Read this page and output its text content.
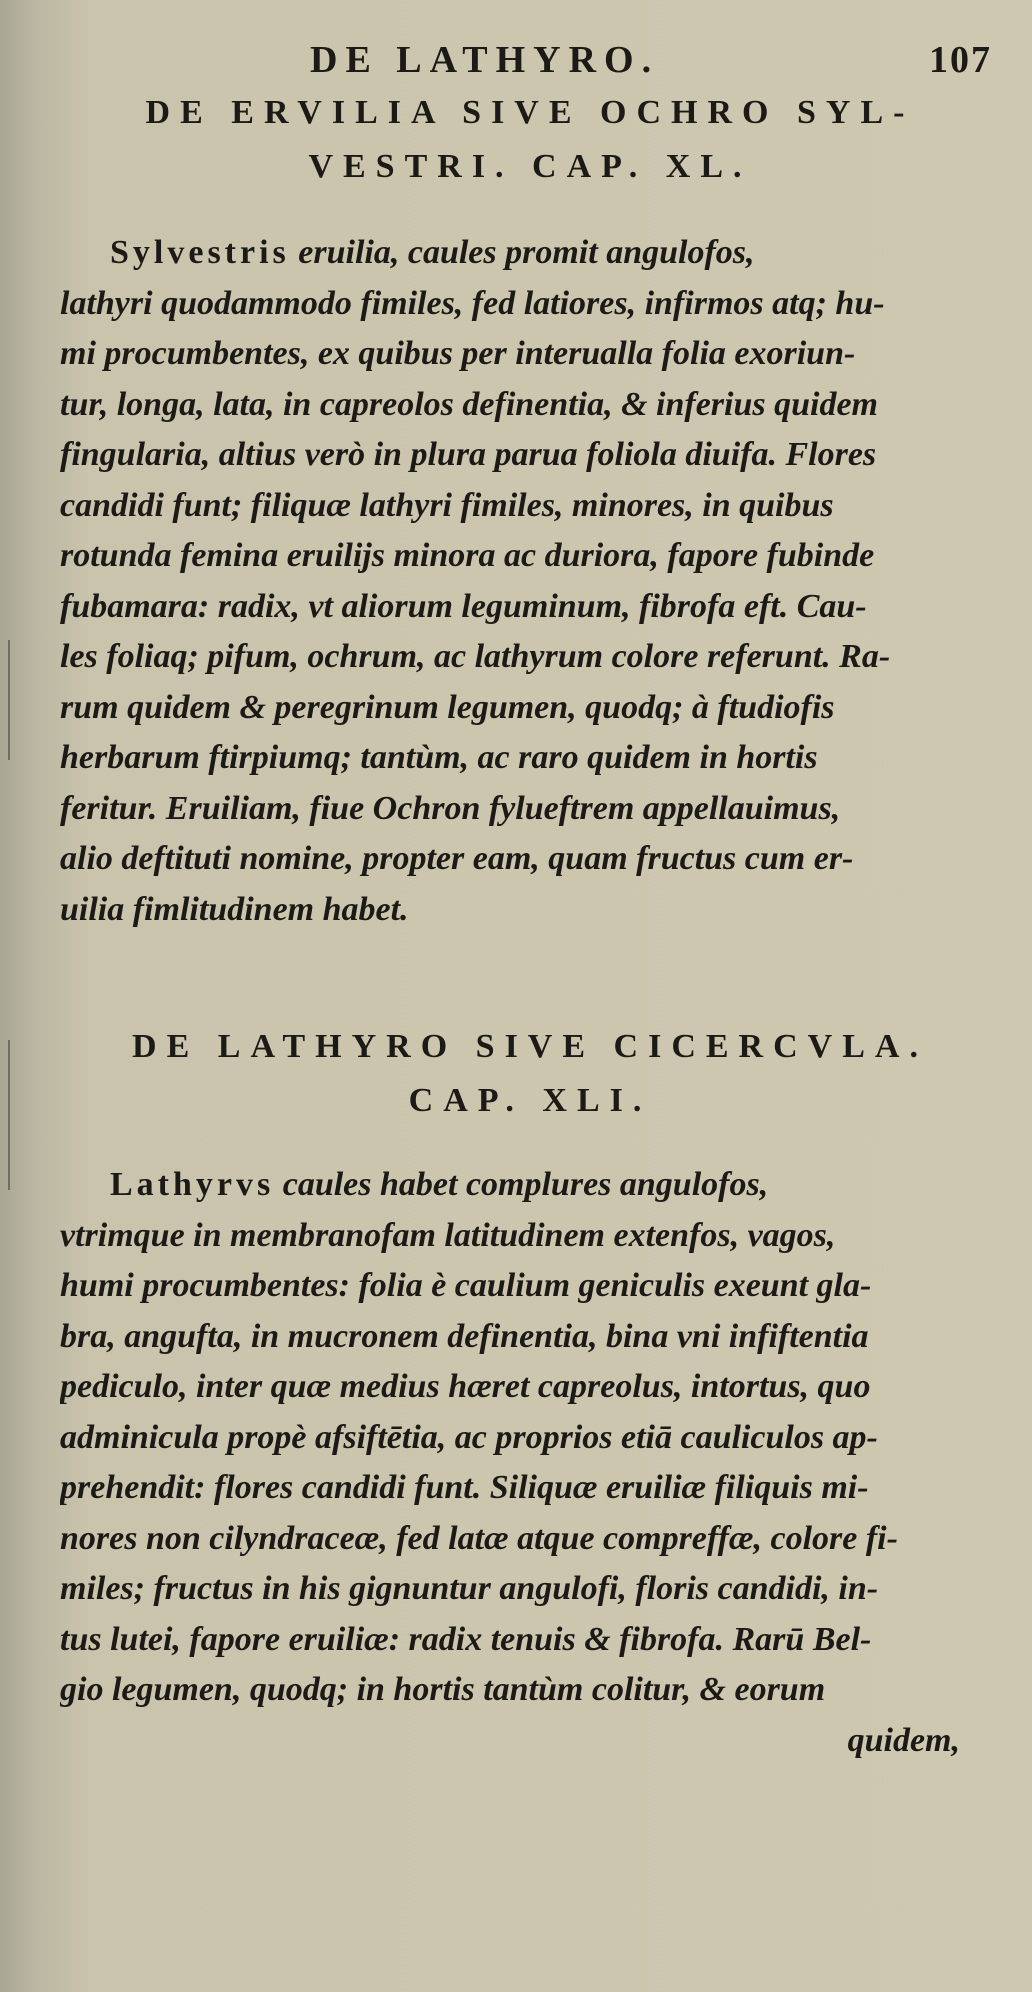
DE LATHYRO.	107
DE ERVILIA SIVE OCHRO SYL-
VESTRI. CAP. XL.
Sylvestris eruilia, caules promit angulofos,
lathyri quodammodo fimiles, fed latiores, infirmos atq; hu-
mi procumbentes, ex quibus per interualla folia exoriun-
tur, longa, lata, in capreolos definentia, & inferius quidem
fingularia, altius verò in plura parua foliola diuifa. Flores
candidi funt; filiquæ lathyri fimiles, minores, in quibus
rotunda femina eruiliјs minora ac duriora, fapore fubinde
fubamara: radix, vt aliorum leguminum, fibrofa eft. Cau-
les foliaq; pifum, ochrum, ac lathyrum colore referunt. Ra-
rum quidem & peregrinum legumen, quodq; à ftudiofis
herbarum ftirpiumq; tantùm, ac raro quidem in hortis
feritur. Eruiliam, fiue Ochron fylueftrem appellauimus,
alio deftituti nomine, propter eam, quam fructus cum er-
uilia fimlitudinem habet.
DE LATHYRO SIVE CICERCVLA.
CAP. XLI.
Lathyrvs caules habet complures angulofos,
vtrimque in membranofam latitudinem extenfos, vagos,
humi procumbentes: folia è caulium geniculis exeunt gla-
bra, angufta, in mucronem definentia, bina vni infiftentia
pediculo, inter quæ medius hæret capreolus, intortus, quo
adminicula propè afsiftētia, ac proprios etiā cauliculos ap-
prehendit: flores candidi funt. Siliquæ eruiliæ filiquis mi-
nores non cilyndraceæ, fed latæ atque compreffæ, colore fi-
miles; fructus in his gignuntur angulofi, floris candidi, in-
tus lutei, fapore eruiliæ: radix tenuis & fibrofa. Rarū Bel-
gio legumen, quodq; in hortis tantùm colitur, & eorum
quidem,
